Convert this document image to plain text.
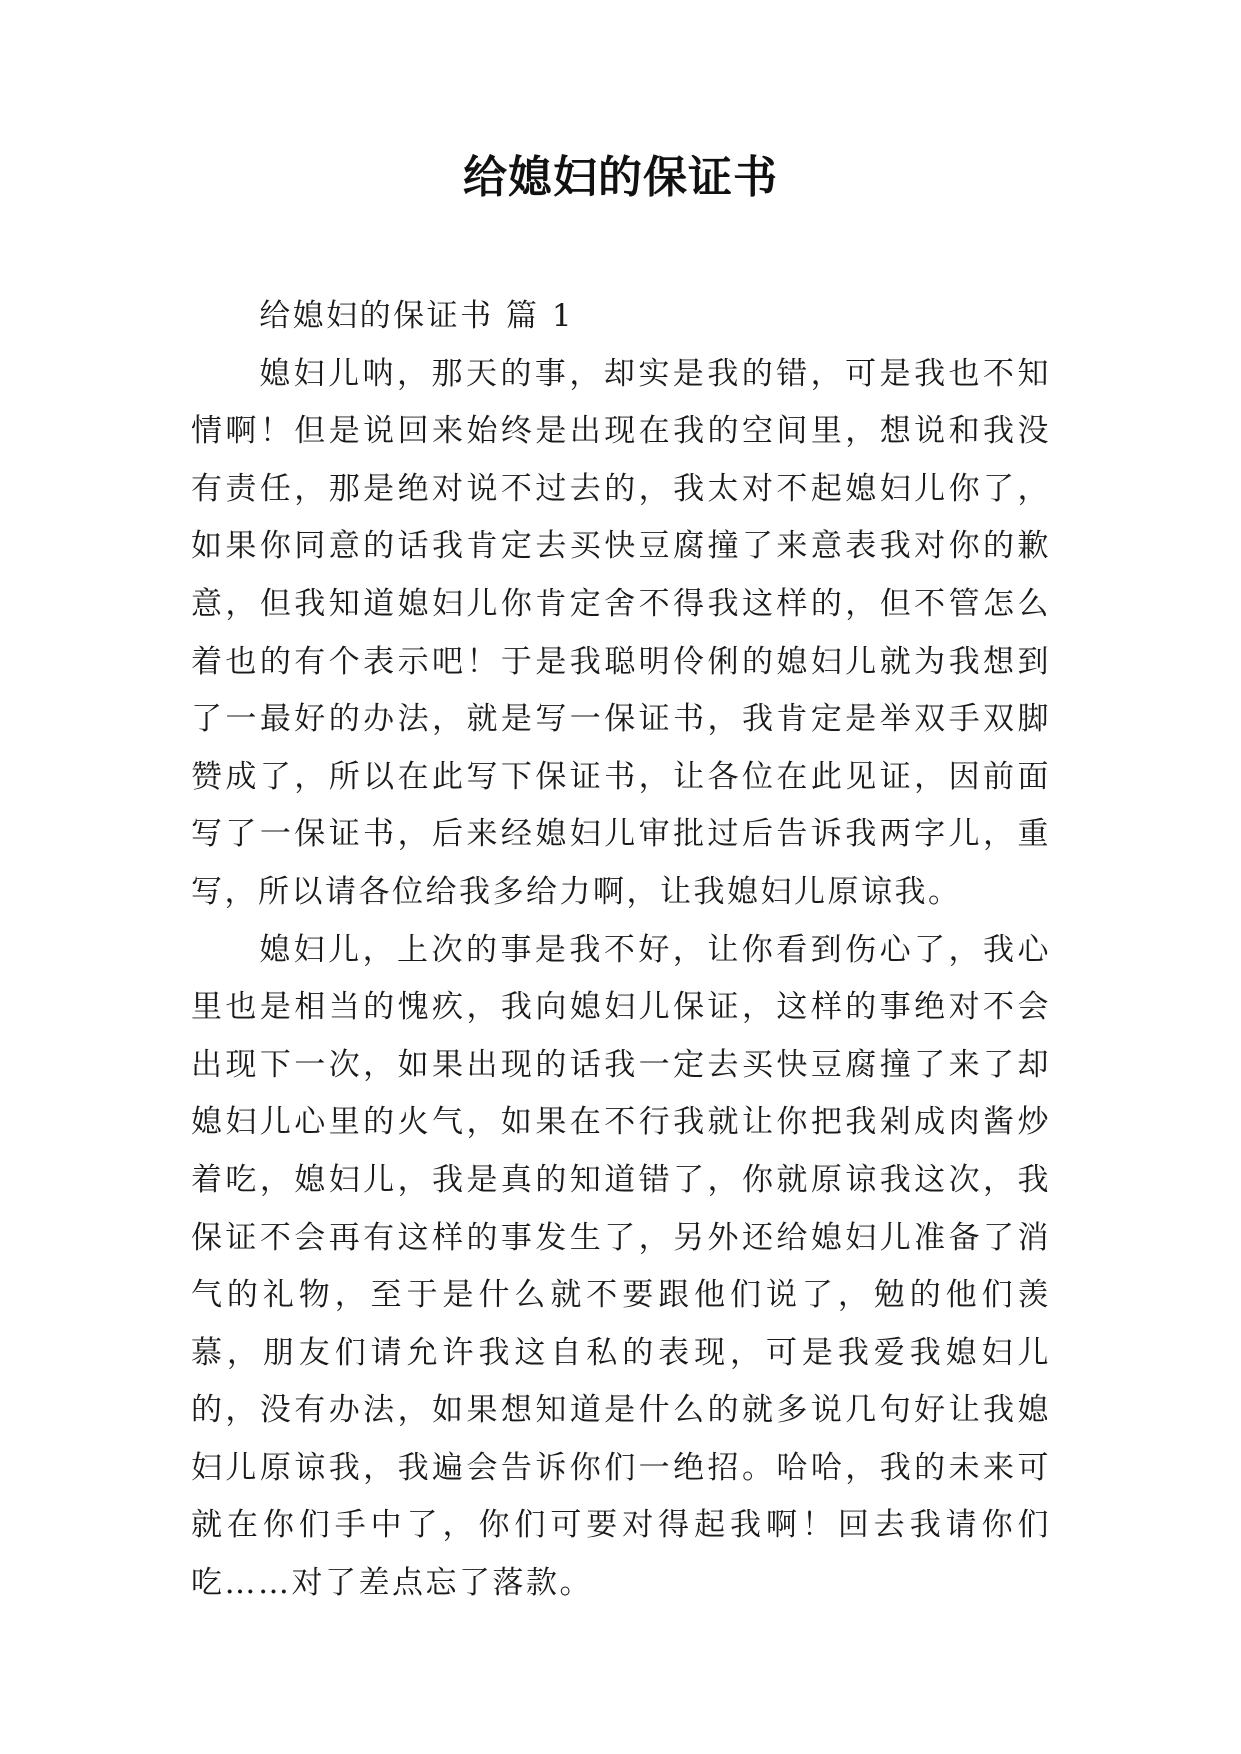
给媳妇的保证书

给媳妇的保证书 篇 1

媳妇儿呐，那天的事，却实是我的错，可是我也不知情啊！但是说回来始终是出现在我的空间里，想说和我没有责任，那是绝对说不过去的，我太对不起媳妇儿你了，如果你同意的话我肯定去买快豆腐撞了来意表我对你的歉意，但我知道媳妇儿你肯定舍不得我这样的，但不管怎么着也的有个表示吧！于是我聪明伶俐的媳妇儿就为我想到了一最好的办法，就是写一保证书，我肯定是举双手双脚赞成了，所以在此写下保证书，让各位在此见证，因前面写了一保证书，后来经媳妇儿审批过后告诉我两字儿，重写，所以请各位给我多给力啊，让我媳妇儿原谅我。

媳妇儿，上次的事是我不好，让你看到伤心了，我心里也是相当的愧疚，我向媳妇儿保证，这样的事绝对不会出现下一次，如果出现的话我一定去买快豆腐撞了来了却媳妇儿心里的火气，如果在不行我就让你把我剁成肉酱炒着吃，媳妇儿，我是真的知道错了，你就原谅我这次，我保证不会再有这样的事发生了，另外还给媳妇儿准备了消气的礼物，至于是什么就不要跟他们说了，勉的他们羡慕，朋友们请允许我这自私的表现，可是我爱我媳妇儿的，没有办法，如果想知道是什么的就多说几句好让我媳妇儿原谅我，我遍会告诉你们一绝招。哈哈，我的未来可就在你们手中了，你们可要对得起我啊！回去我请你们吃……对了差点忘了落款。
